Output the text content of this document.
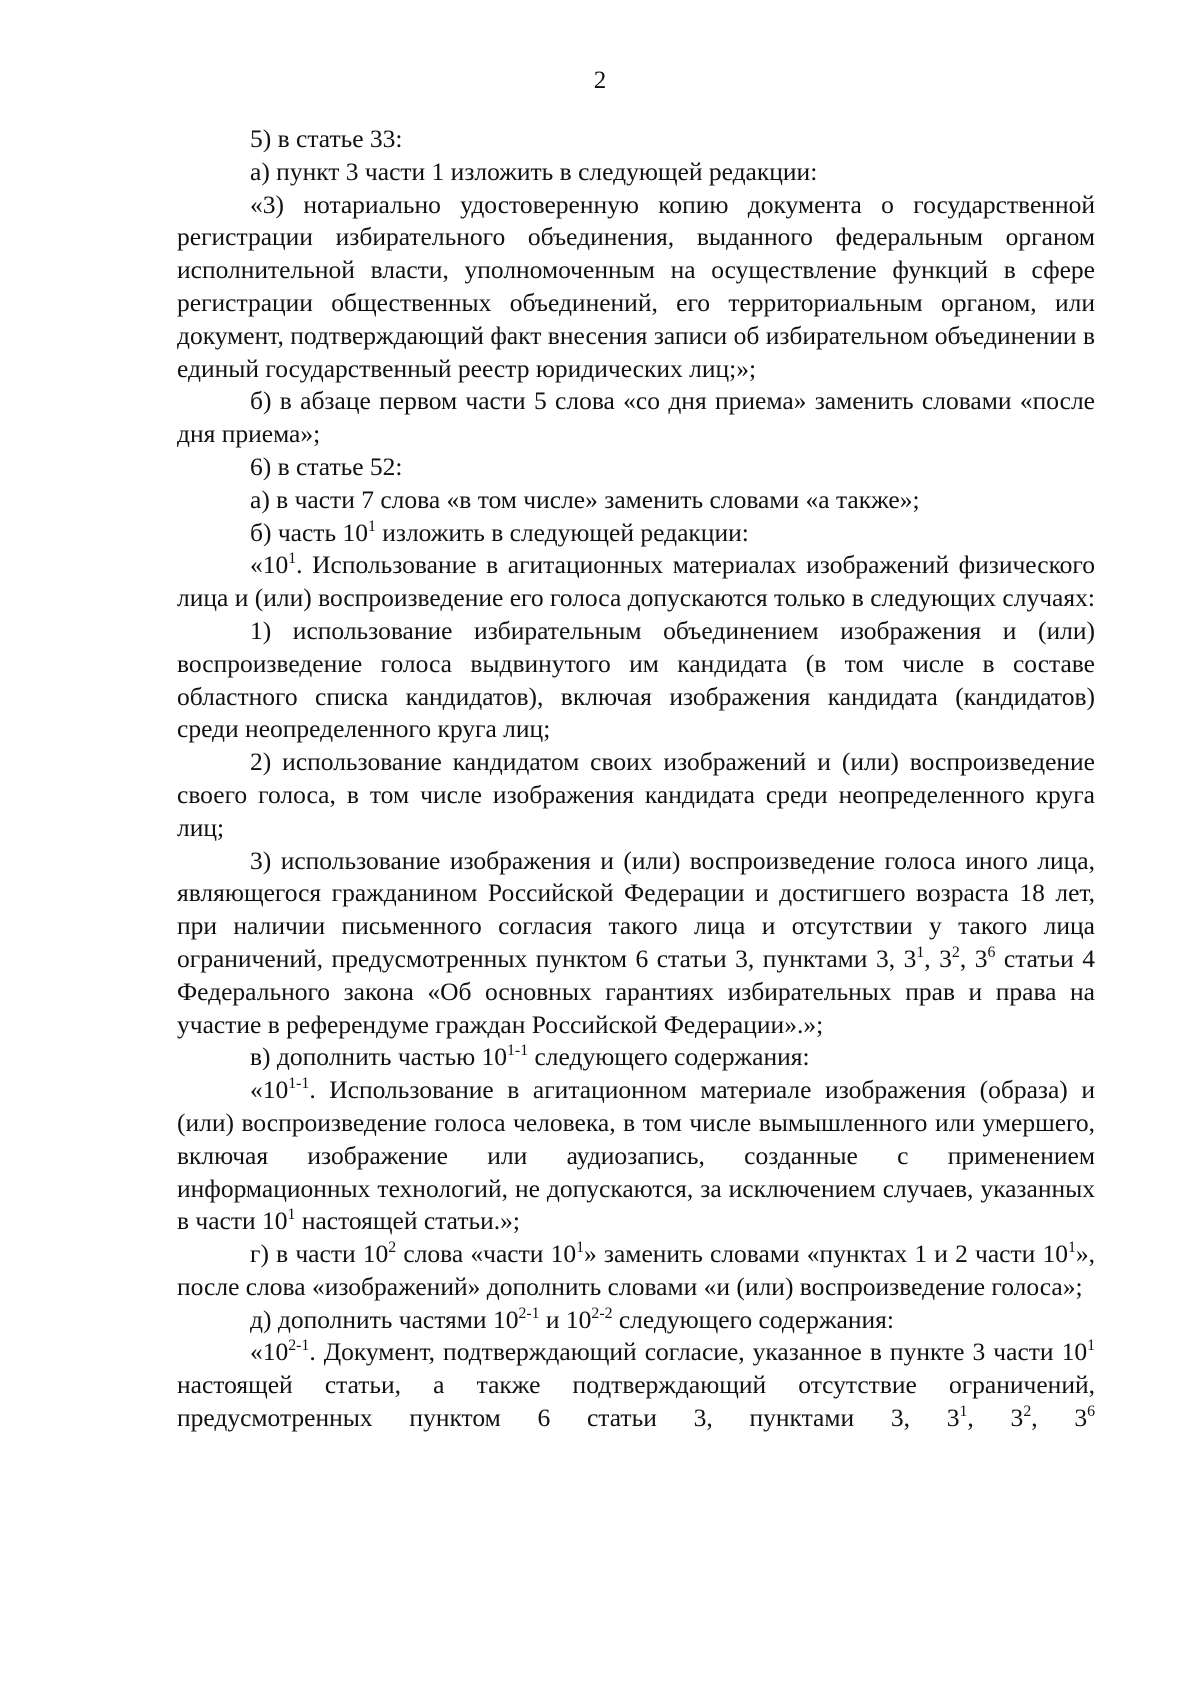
2

5) в статье 33:

а) пункт 3 части 1 изложить в следующей редакции:

«3) нотариально удостоверенную копию документа о государственной регистрации избирательного объединения, выданного федеральным органом исполнительной власти, уполномоченным на осуществление функций в сфере регистрации общественных объединений, его территориальным органом, или документ, подтверждающий факт внесения записи об избирательном объединении в единый государственный реестр юридических лиц;»;

б) в абзаце первом части 5 слова «со дня приема» заменить словами «после дня приема»;

6) в статье 52:

а) в части 7 слова «в том числе» заменить словами «а также»;

б) часть $10^1$ изложить в следующей редакции:

«$10^1$. Использование в агитационных материалах изображений физического лица и (или) воспроизведение его голоса допускаются только в следующих случаях:

1) использование избирательным объединением изображения и (или) воспроизведение голоса выдвинутого им кандидата (в том числе в составе областного списка кандидатов), включая изображения кандидата (кандидатов) среди неопределенного круга лиц;

2) использование кандидатом своих изображений и (или) воспроизведение своего голоса, в том числе изображения кандидата среди неопределенного круга лиц;

3) использование изображения и (или) воспроизведение голоса иного лица, являющегося гражданином Российской Федерации и достигшего возраста 18 лет, при наличии письменного согласия такого лица и отсутствии у такого лица ограничений, предусмотренных пунктом 6 статьи 3, пунктами 3, $3^1$, $3^2$, $3^6$ статьи 4 Федерального закона «Об основных гарантиях избирательных прав и права на участие в референдуме граждан Российской Федерации».»;

в) дополнить частью 10$^{1-1}$ следующего содержания:

«10$^{1-1}$. Использование в агитационном материале изображения (образа) и (или) воспроизведение голоса человека, в том числе вымышленного или умершего, включая изображение или аудиозапись, созданные с применением информационных технологий, не допускаются, за исключением случаев, указанных в части $10^1$ настоящей статьи.»;

г) в части $10^2$ слова «части $10^1$» заменить словами «пунктах 1 и 2 части $10^1$», после слова «изображений» дополнить словами «и (или) воспроизведение голоса»;

д) дополнить частями 10$^{2-1}$ и 10$^{2-2}$ следующего содержания:

«10$^{2-1}$. Документ, подтверждающий согласие, указанное в пункте 3 части $10^1$ настоящей статьи, а также подтверждающий отсутствие ограничений, предусмотренных пунктом 6 статьи 3, пунктами 3, $3^1$, $3^2$, $3^6$
